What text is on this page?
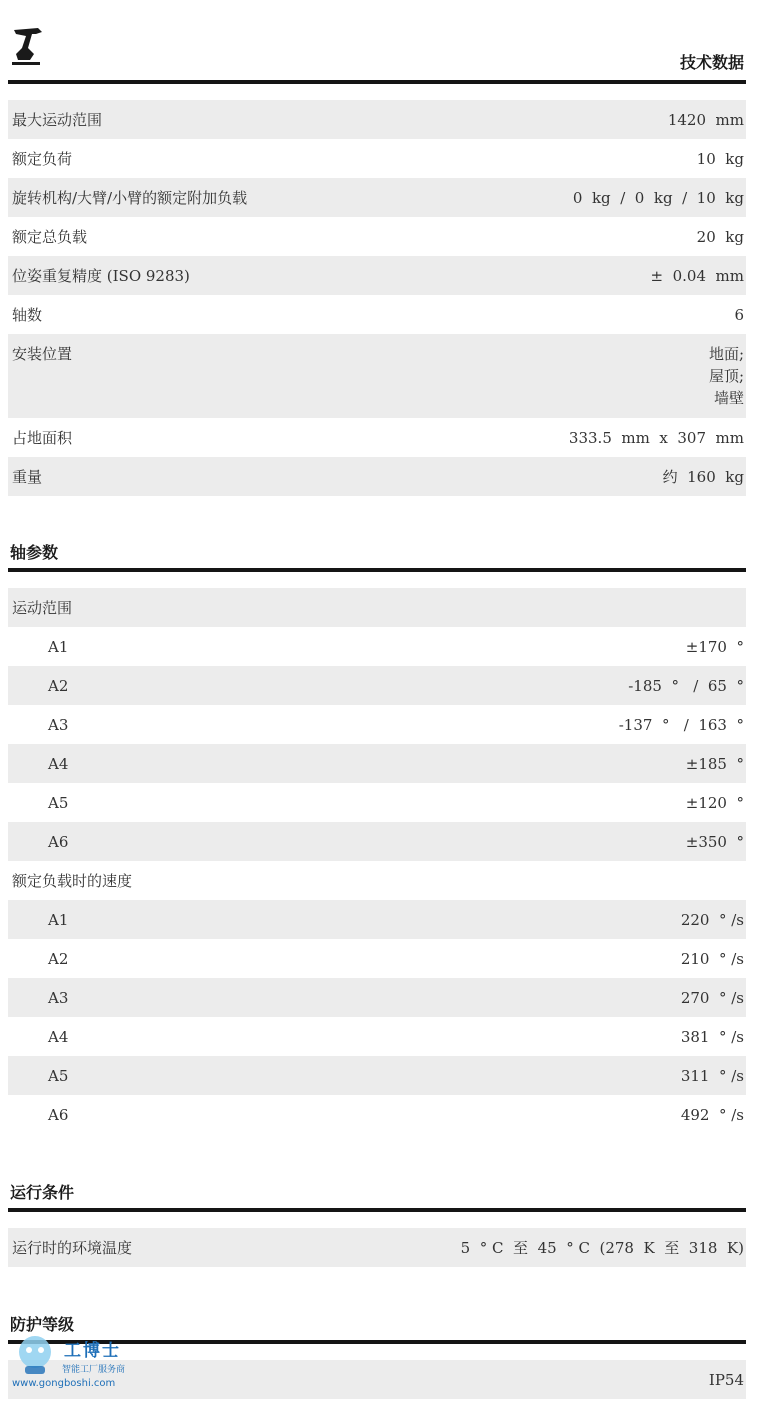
技术数据
最大运动范围	1420  mm
额定负荷	10  kg
旋转机构/大臂/小臂的额定附加负载	0  kg  /  0  kg  /  10  kg
额定总负载	20  kg
位姿重复精度 (ISO 9283)	±  0.04  mm
轴数	6
安装位置	地面;
屋顶;
墙壁
占地面积	333.5  mm  x  307  mm
重量	约  160  kg
轴参数
运动范围
A1	±170  °
A2	-185  °   /  65  °
A3	-137  °   /  163  °
A4	±185  °
A5	±120  °
A6	±350  °
额定负载时的速度
A1	220  ° /s
A2	210  ° /s
A3	270  ° /s
A4	381  ° /s
A5	311  ° /s
A6	492  ° /s
运行条件
运行时的环境温度	5  ° C  至  45  ° C  (278  K  至  318  K)
防护等级
IP54
工博士
智能工厂服务商
www.gongboshi.com
